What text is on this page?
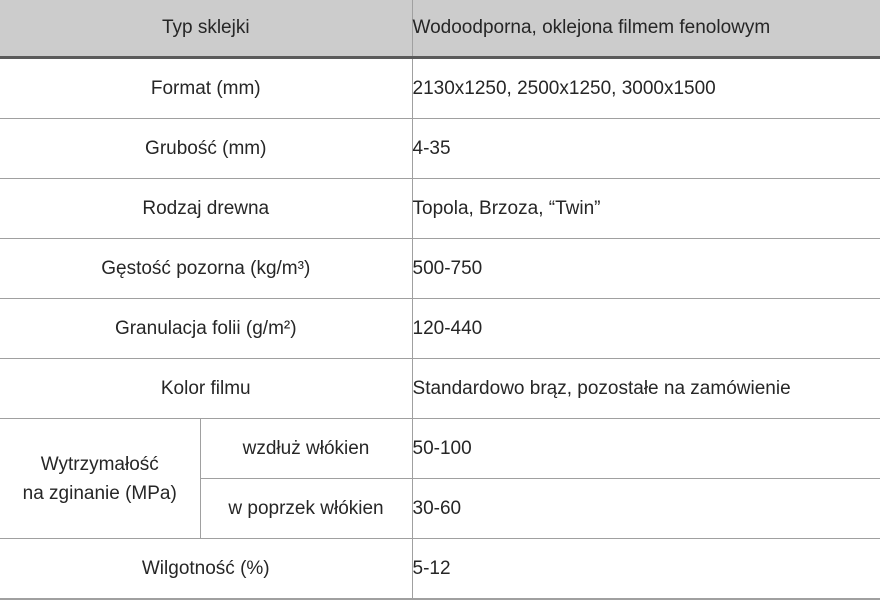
Typ sklejki		Wodoodporna, oklejona filmem fenolowym
Format (mm)		2130x1250, 2500x1250, 3000x1500
Grubość (mm)		4-35
Rodzaj drewna		Topola, Brzoza, “Twin”
Gęstość pozorna (kg/m³)		500-750
Granulacja folii (g/m²)		120-440
Kolor filmu		Standardowo brąz, pozostałe na zamówienie

Wytrzymałość
na zginanie (MPa)	wzdłuż włókien	50-100
	w poprzek włókien	30-60
Wilgotność (%)		5-12
